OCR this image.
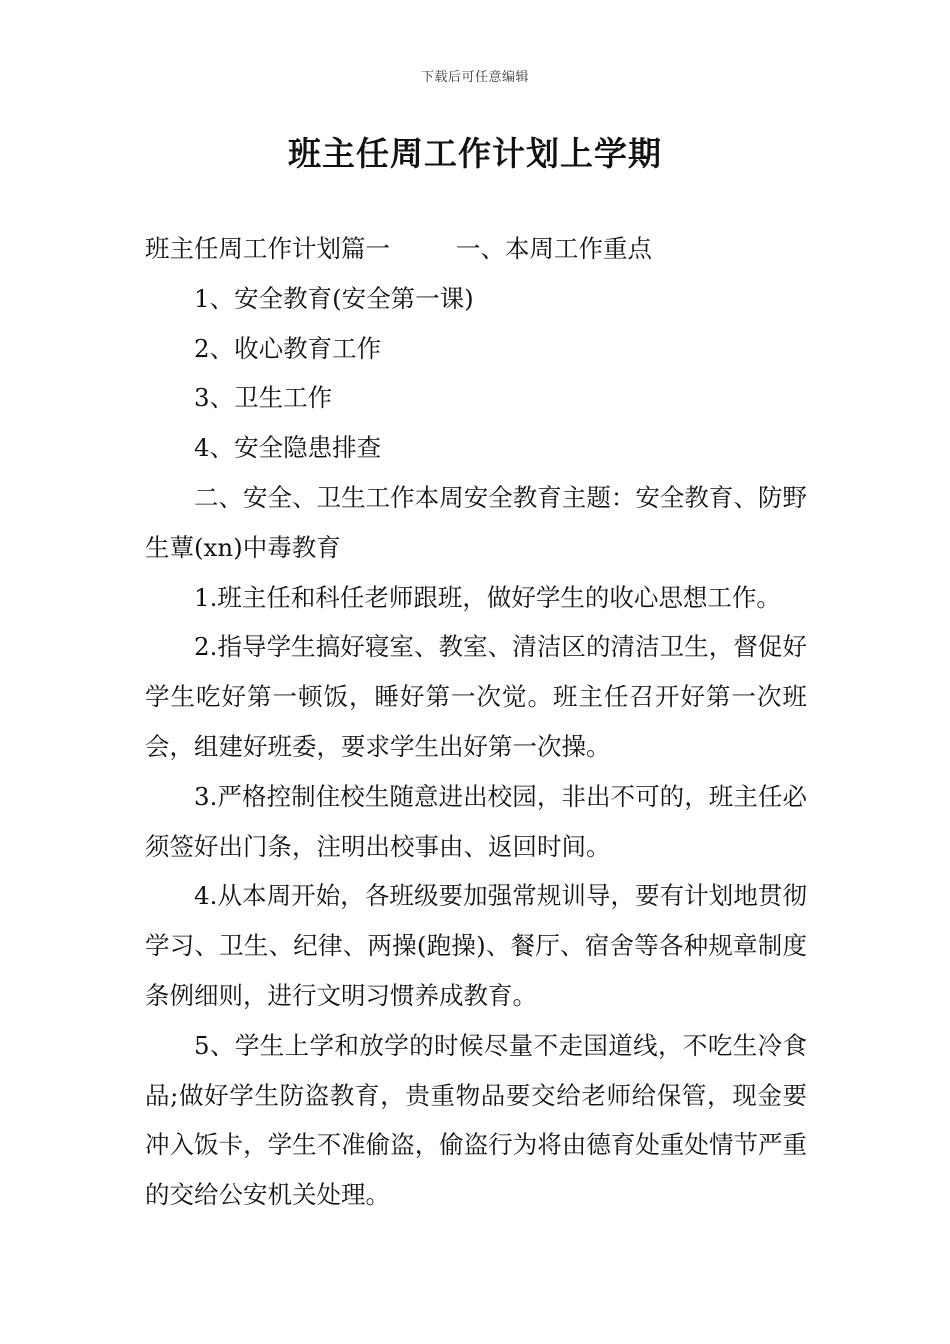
下载后可任意编辑
班主任周工作计划上学期

班主任周工作计划篇一	一、本周工作重点

1、安全教育(安全第一课)

2、收心教育工作

3、卫生工作

4、安全隐患排查

二、安全、卫生工作本周安全教育主题：安全教育、防野生蕈(xn)中毒教育

1.班主任和科任老师跟班，做好学生的收心思想工作。

2.指导学生搞好寝室、教室、清洁区的清洁卫生，督促好学生吃好第一顿饭，睡好第一次觉。班主任召开好第一次班会，组建好班委，要求学生出好第一次操。

3.严格控制住校生随意进出校园，非出不可的，班主任必须签好出门条，注明出校事由、返回时间。

4.从本周开始，各班级要加强常规训导，要有计划地贯彻学习、卫生、纪律、两操(跑操)、餐厅、宿舍等各种规章制度条例细则，进行文明习惯养成教育。

5、学生上学和放学的时候尽量不走国道线，不吃生冷食品;做好学生防盗教育，贵重物品要交给老师给保管，现金要冲入饭卡，学生不准偷盗，偷盗行为将由德育处重处情节严重的交给公安机关处理。
